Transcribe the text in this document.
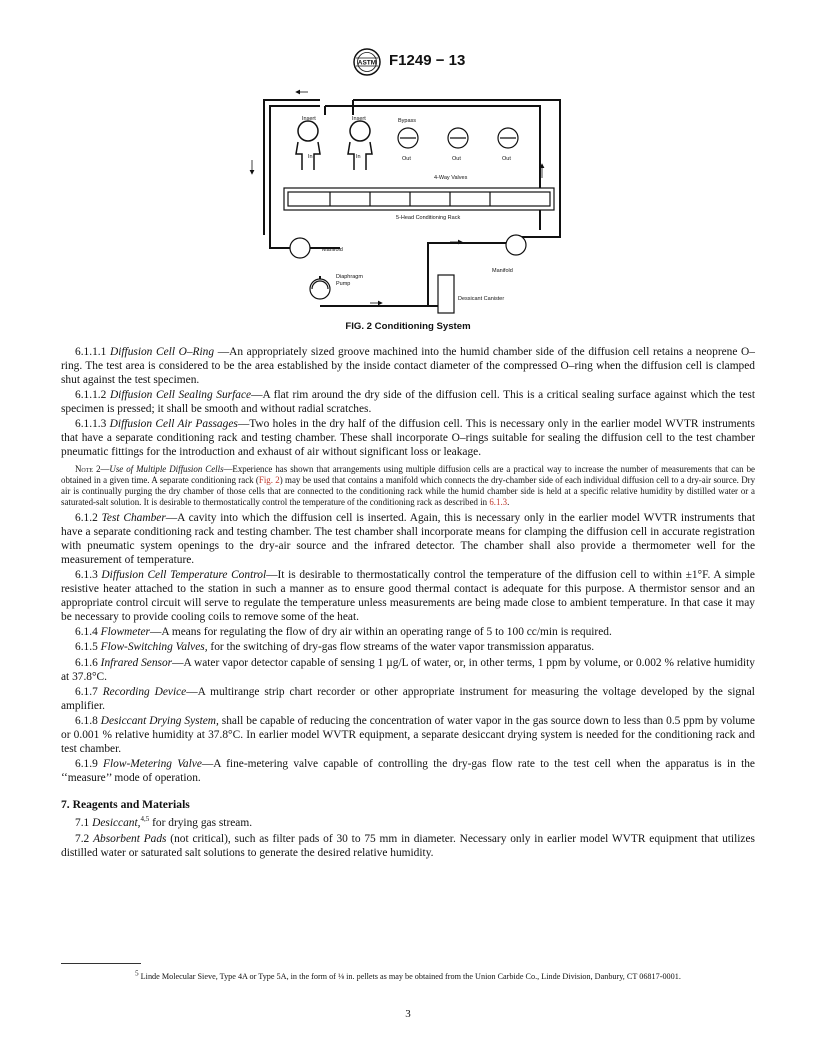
ASTM F1249 − 13
Insert	Insert	Bypass
In	In	Out	Out	Out
4-Way Valves
5-Head Conditioning Rack
Manifold
Manifold
Diaphragm
Pump
Dessicant Canister
FIG. 2 Conditioning System

6.1.1.1 Diffusion Cell O–Ring —An appropriately sized groove machined into the humid chamber side of the diffusion cell retains a neoprene O–ring. The test area is considered to be the area established by the inside contact diameter of the compressed O–ring when the diffusion cell is clamped shut against the test specimen.

6.1.1.2 Diffusion Cell Sealing Surface—A flat rim around the dry side of the diffusion cell. This is a critical sealing surface against which the test specimen is pressed; it shall be smooth and without radial scratches.

6.1.1.3 Diffusion Cell Air Passages—Two holes in the dry half of the diffusion cell. This is necessary only in the earlier model WVTR instruments that have a separate conditioning rack and testing chamber. These shall incorporate O–rings suitable for sealing the diffusion cell to the test chamber pneumatic fittings for the introduction and exhaust of air without significant loss or leakage.

Note 2—Use of Multiple Diffusion Cells—Experience has shown that arrangements using multiple diffusion cells are a practical way to increase the number of measurements that can be obtained in a given time. A separate conditioning rack (Fig. 2) may be used that contains a manifold which connects the dry-chamber side of each individual diffusion cell to a dry-air source. Dry air is continually purging the dry chamber of those cells that are connected to the conditioning rack while the humid chamber side is held at a specific relative humidity by distilled water or a saturated-salt solution. It is desirable to thermostatically control the temperature of the conditioning rack as described in 6.1.3.

6.1.2 Test Chamber—A cavity into which the diffusion cell is inserted. Again, this is necessary only in the earlier model WVTR instruments that have a separate conditioning rack and testing chamber. The test chamber shall incorporate means for clamping the diffusion cell in accurate registration with pneumatic system openings to the dry-air source and the infrared detector. The chamber shall also provide a thermometer well for the measurement of temperature.

6.1.3 Diffusion Cell Temperature Control—It is desirable to thermostatically control the temperature of the diffusion cell to within ±1°F. A simple resistive heater attached to the station in such a manner as to ensure good thermal contact is adequate for this purpose. A thermistor sensor and an appropriate control circuit will serve to regulate the temperature unless measurements are being made close to ambient temperature. In that case it may be necessary to provide cooling coils to remove some of the heat.

6.1.4 Flowmeter—A means for regulating the flow of dry air within an operating range of 5 to 100 cc/min is required.

6.1.5 Flow-Switching Valves, for the switching of dry-gas flow streams of the water vapor transmission apparatus.

6.1.6 Infrared Sensor—A water vapor detector capable of sensing 1 µg/L of water, or, in other terms, 1 ppm by volume, or 0.002 % relative humidity at 37.8°C.

6.1.7 Recording Device—A multirange strip chart recorder or other appropriate instrument for measuring the voltage developed by the signal amplifier.

6.1.8 Desiccant Drying System, shall be capable of reducing the concentration of water vapor in the gas source down to less than 0.5 ppm by volume or 0.001 % relative humidity at 37.8°C. In earlier model WVTR equipment, a separate desiccant drying system is needed for the conditioning rack and test chamber.

6.1.9 Flow-Metering Valve—A fine-metering valve capable of controlling the dry-gas flow rate to the test cell when the apparatus is in the ‘‘measure’’ mode of operation.

7. Reagents and Materials

7.1 Desiccant,$^{4,5}$ for drying gas stream.

7.2 Absorbent Pads (not critical), such as filter pads of 30 to 75 mm in diameter. Necessary only in earlier model WVTR equipment that utilizes distilled water or saturated salt solutions to generate the desired relative humidity.

$^5$ Linde Molecular Sieve, Type 4A or Type 5A, in the form of ⅛ in. pellets as may be obtained from the Union Carbide Co., Linde Division, Danbury, CT 06817-0001.
3
